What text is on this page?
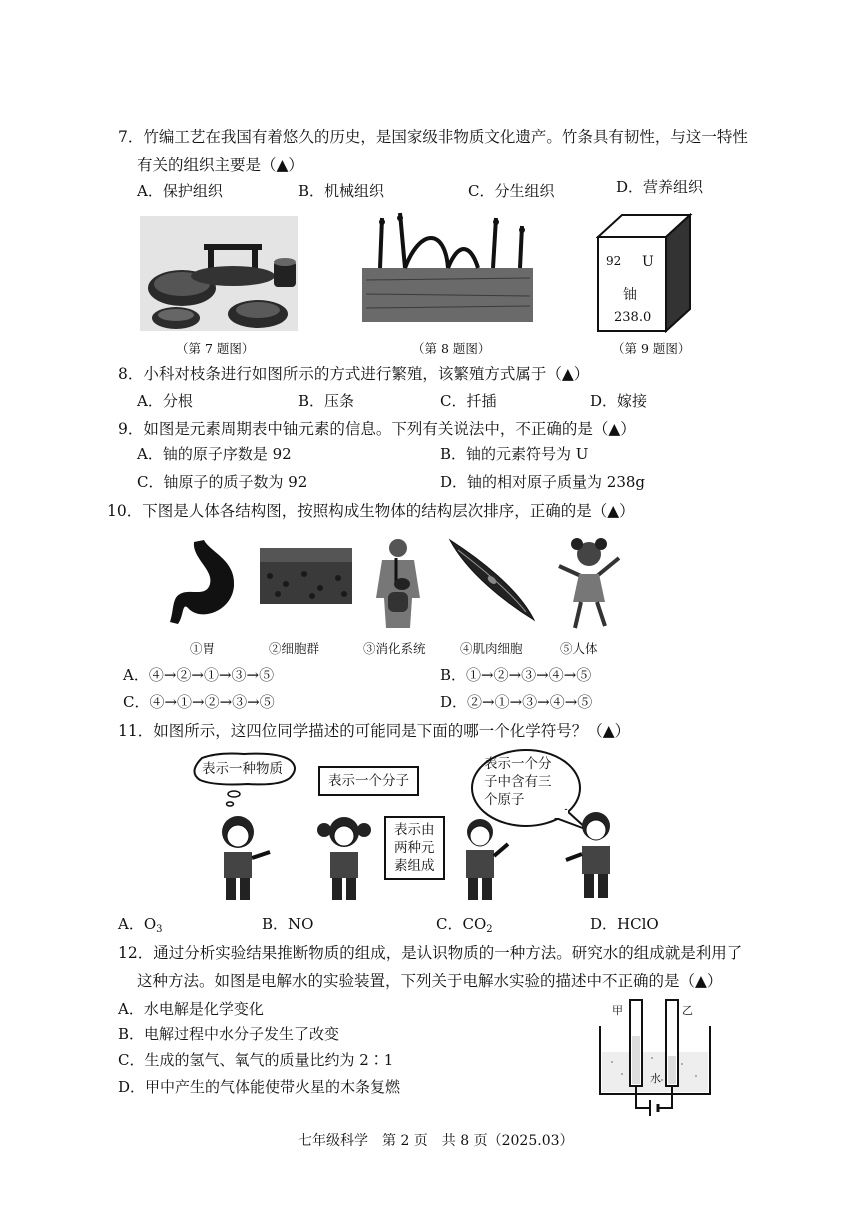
7．竹编工艺在我国有着悠久的历史，是国家级非物质文化遗产。竹条具有韧性，与这一特性
有关的组织主要是（▲）
A．保护组织	B．机械组织	C．分生组织	D．营养组织
（第 7 题图）	（第 8 题图）
92 U
铀
238.0
（第 9 题图）
8．小科对枝条进行如图所示的方式进行繁殖，该繁殖方式属于（▲）
A．分根	B．压条	C．扦插	D．嫁接
9．如图是元素周期表中铀元素的信息。下列有关说法中，不正确的是（▲）
A．铀的原子序数是 92	B．铀的元素符号为 U
C．铀原子的质子数为 92	D．铀的相对原子质量为 238g
10．下图是人体各结构图，按照构成生物体的结构层次排序，正确的是（▲）
①胃	②细胞群	③消化系统	④肌肉细胞	⑤人体
A．④→②→①→③→⑤	B．①→②→③→④→⑤
C．④→①→②→③→⑤	D．②→①→③→④→⑤
11．如图所示，这四位同学描述的可能同是下面的哪一个化学符号？（▲）
表示一种物质
表示一个分子
表示由
两种元
素组成
表示一个分
子中含有三
个原子
A．$O_3$	B．NO	C．$CO_2$	D．HClO
12．通过分析实验结果推断物质的组成，是认识物质的一种方法。研究水的组成就是利用了
这种方法。如图是电解水的实验装置，下列关于电解水实验的描述中不正确的是（▲）
A．水电解是化学变化
B．电解过程中水分子发生了改变
C．生成的氢气、氧气的质量比约为 2∶1
D．甲中产生的气体能使带火星的木条复燃
甲	乙
水
七年级科学　第 2 页　共 8 页（2025.03）
